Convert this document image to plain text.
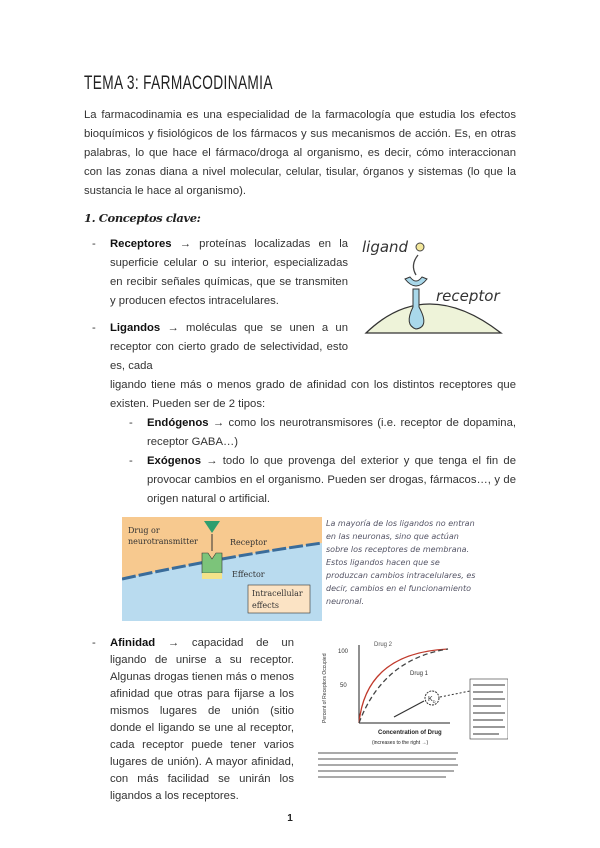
TEMA 3: FARMACODINAMIA
La farmacodinamia es una especialidad de la farmacología que estudia los efectos bioquímicos y fisiológicos de los fármacos y sus mecanismos de acción. Es, en otras palabras, lo que hace el fármaco/droga al organismo, es decir, cómo interaccionan con las zonas diana a nivel molecular, celular, tisular, órganos y sistemas (lo que la sustancia le hace al organismo).
1. Conceptos clave:
- Receptores → proteínas localizadas en la superficie celular o su interior, especializadas en recibir señales químicas, que se transmiten y producen efectos intracelulares.
- Ligandos → moléculas que se unen a un receptor con cierto grado de selectividad, esto es, cada
ligand
receptor
ligando tiene más o menos grado de afinidad con los distintos receptores que existen. Pueden ser de 2 tipos:
- Endógenos → como los neurotransmisores (i.e. receptor de dopamina, receptor GABA…)
- Exógenos → todo lo que provenga del exterior y que tenga el fin de provocar cambios en el organismo. Pueden ser drogas, fármacos…, y de origen natural o artificial.
Drug or
neurotransmitter	Receptor
Effector
Intracellular
effects
La mayoría de los ligandos no entran en las neuronas, sino que actúan sobre los receptores de membrana. Estos ligandos hacen que se produzcan cambios intracelulares, es decir, cambios en el funcionamiento neuronal.
- Afinidad → capacidad de un ligando de unirse a su receptor. Algunas drogas tienen más o menos afinidad que otras para fijarse a los mismos lugares de unión (sitio donde el ligando se une al receptor, cada receptor puede tener varios lugares de unión). A mayor afinidad, con más facilidad se unirán los ligandos a los receptores.
100
50
Percent of Receptors Occupied
Drug 2
Drug 1
$K_D$
Concentration of Drug
(increases to the right →)
1
